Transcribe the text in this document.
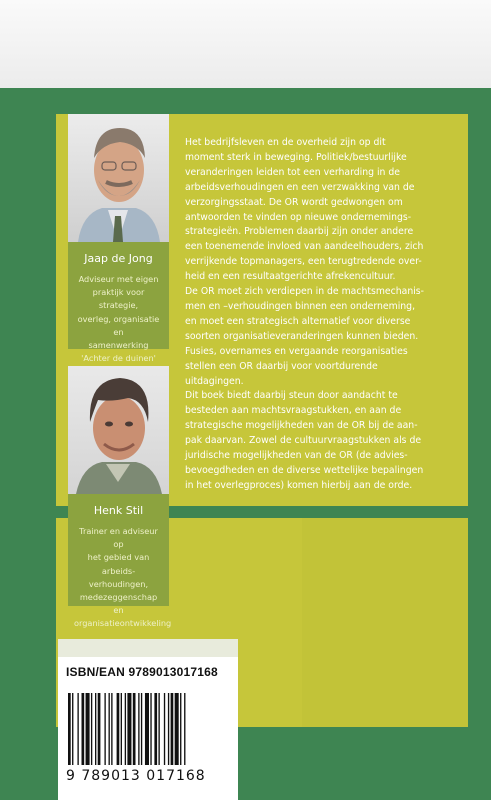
Jaap de Jong
Adviseur met eigen
praktijk voor strategie,
overleg, organisatie en
samenwerking
'Achter de duinen'
Henk Stil
Trainer en adviseur op
het gebied van arbeids-
verhoudingen,
medezeggenschap en
organisatieontwikkeling

Het bedrijfsleven en de overheid zijn op dit

moment sterk in beweging. Politiek/bestuurlijke

veranderingen leiden tot een verharding in de

arbeidsverhoudingen en een verzwakking van de

verzorgingsstaat. De OR wordt gedwongen om

antwoorden te vinden op nieuwe ondernemings-

strategieën. Problemen daarbij zijn onder andere

een toenemende invloed van aandeelhouders, zich

verrijkende topmanagers, een terugtredende over-

heid en een resultaatgerichte afrekencultuur.

De OR moet zich verdiepen in de machtsmechanis-

men en –verhoudingen binnen een onderneming,

en moet een strategisch alternatief voor diverse

soorten organisatieveranderingen kunnen bieden.

Fusies, overnames en vergaande reorganisaties

stellen een OR daarbij voor voortdurende

uitdagingen.

Dit boek biedt daarbij steun door aandacht te

besteden aan machtsvraagstukken, en aan de

strategische mogelijkheden van de OR bij de aan-

pak daarvan. Zowel de cultuurvraagstukken als de

juridische mogelijkheden van de OR (de advies-

bevoegdheden en de diverse wettelijke bepalingen

in het overlegproces) komen hierbij aan de orde.

ISBN/EAN 9789013017168
9 789013 017168
